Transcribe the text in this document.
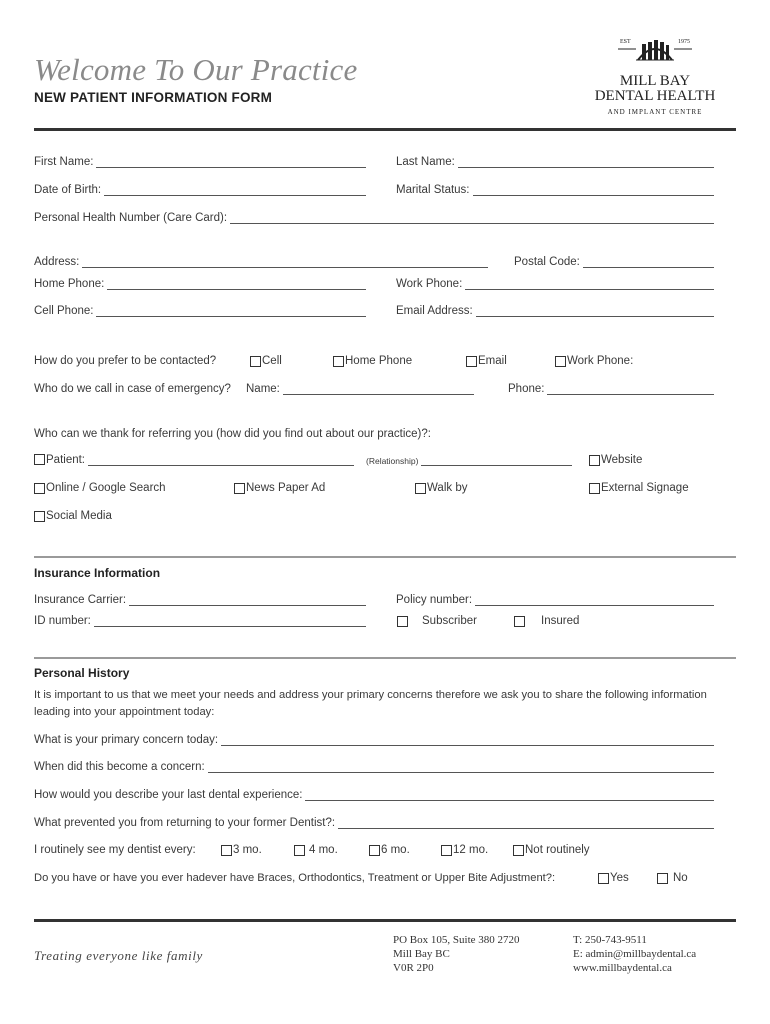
Welcome To Our Practice
NEW PATIENT INFORMATION FORM
EST	1975
MILL BAY
DENTAL HEALTH
AND IMPLANT CENTRE
First Name:	Last Name:
Date of Birth:	Marital Status:
Personal Health Number (Care Card):
Address:	Postal Code:
Home Phone:	Work Phone:
Cell Phone:	Email Address:
How do you prefer to be contacted?	Cell	Home Phone	Email	Work Phone:
Who do we call in case of emergency? Name:	Phone:
Who can we thank for referring you (how did you find out about our practice)?:
Patient:	(Relationship)	Website
Online / Google Search	News Paper Ad	Walk by	External Signage
Social Media
Insurance Information
Insurance Carrier:	Policy number:
ID number:	Subscriber	Insured
Personal History
It is important to us that we meet your needs and address your primary concerns therefore we ask you to share the following information
leading into your appointment today:
What is your primary concern today:
When did this become a concern:
How would you describe your last dental experience:
What prevented you from returning to your former Dentist?:
I routinely see my dentist every:	3 mo.	4 mo.	6 mo.	12 mo.	Not routinely
Do you have or have you ever hadever have Braces, Orthodontics, Treatment or Upper Bite Adjustment?:	Yes	No
Treating everyone like family
PO Box 105, Suite 380 2720
Mill Bay BC
V0R 2P0
T: 250-743-9511
E: admin@millbaydental.ca
www.millbaydental.ca
